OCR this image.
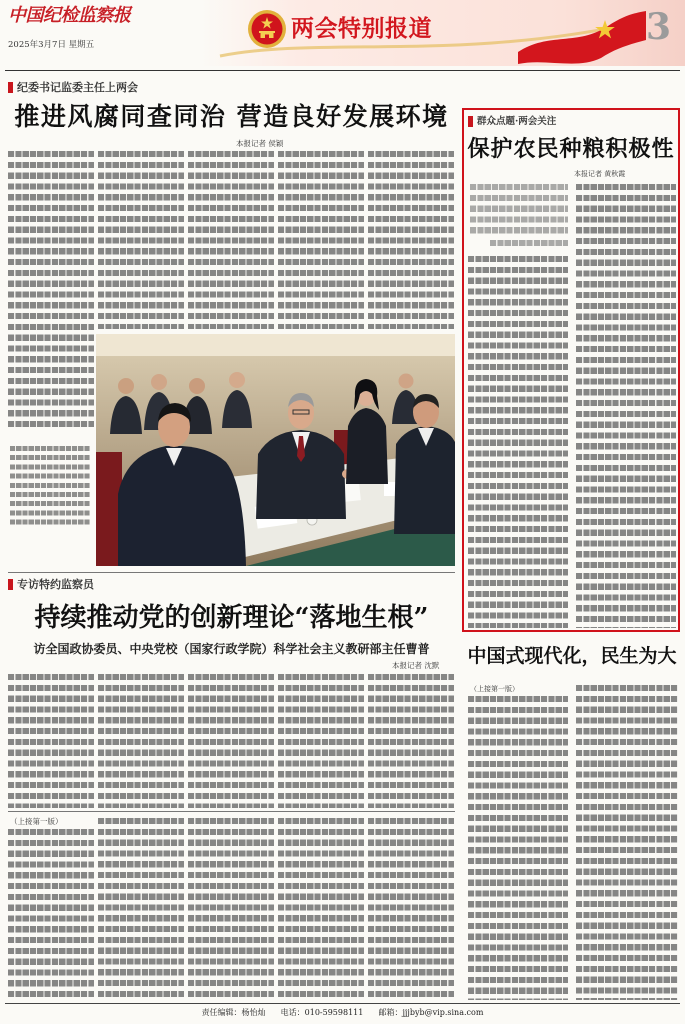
中国纪检监察报
2025年3月7日 星期五
两会特别报道	3
纪委书记监委主任上两会
推进风腐同查同治 营造良好发展环境
本报记者 侯颖
专访特约监察员
持续推动党的创新理论“落地生根”
访全国政协委员、中央党校（国家行政学院）科学社会主义教研部主任曹普
本报记者 沈默
（上接第一版）
群众点题·两会关注
保护农民种粮积极性
本报记者 黄秋霞
中国式现代化，民生为大
（上接第一版）
责任编辑：杨怡灿 电话：010-59598111 邮箱：jjjbyb@vip.sina.com
